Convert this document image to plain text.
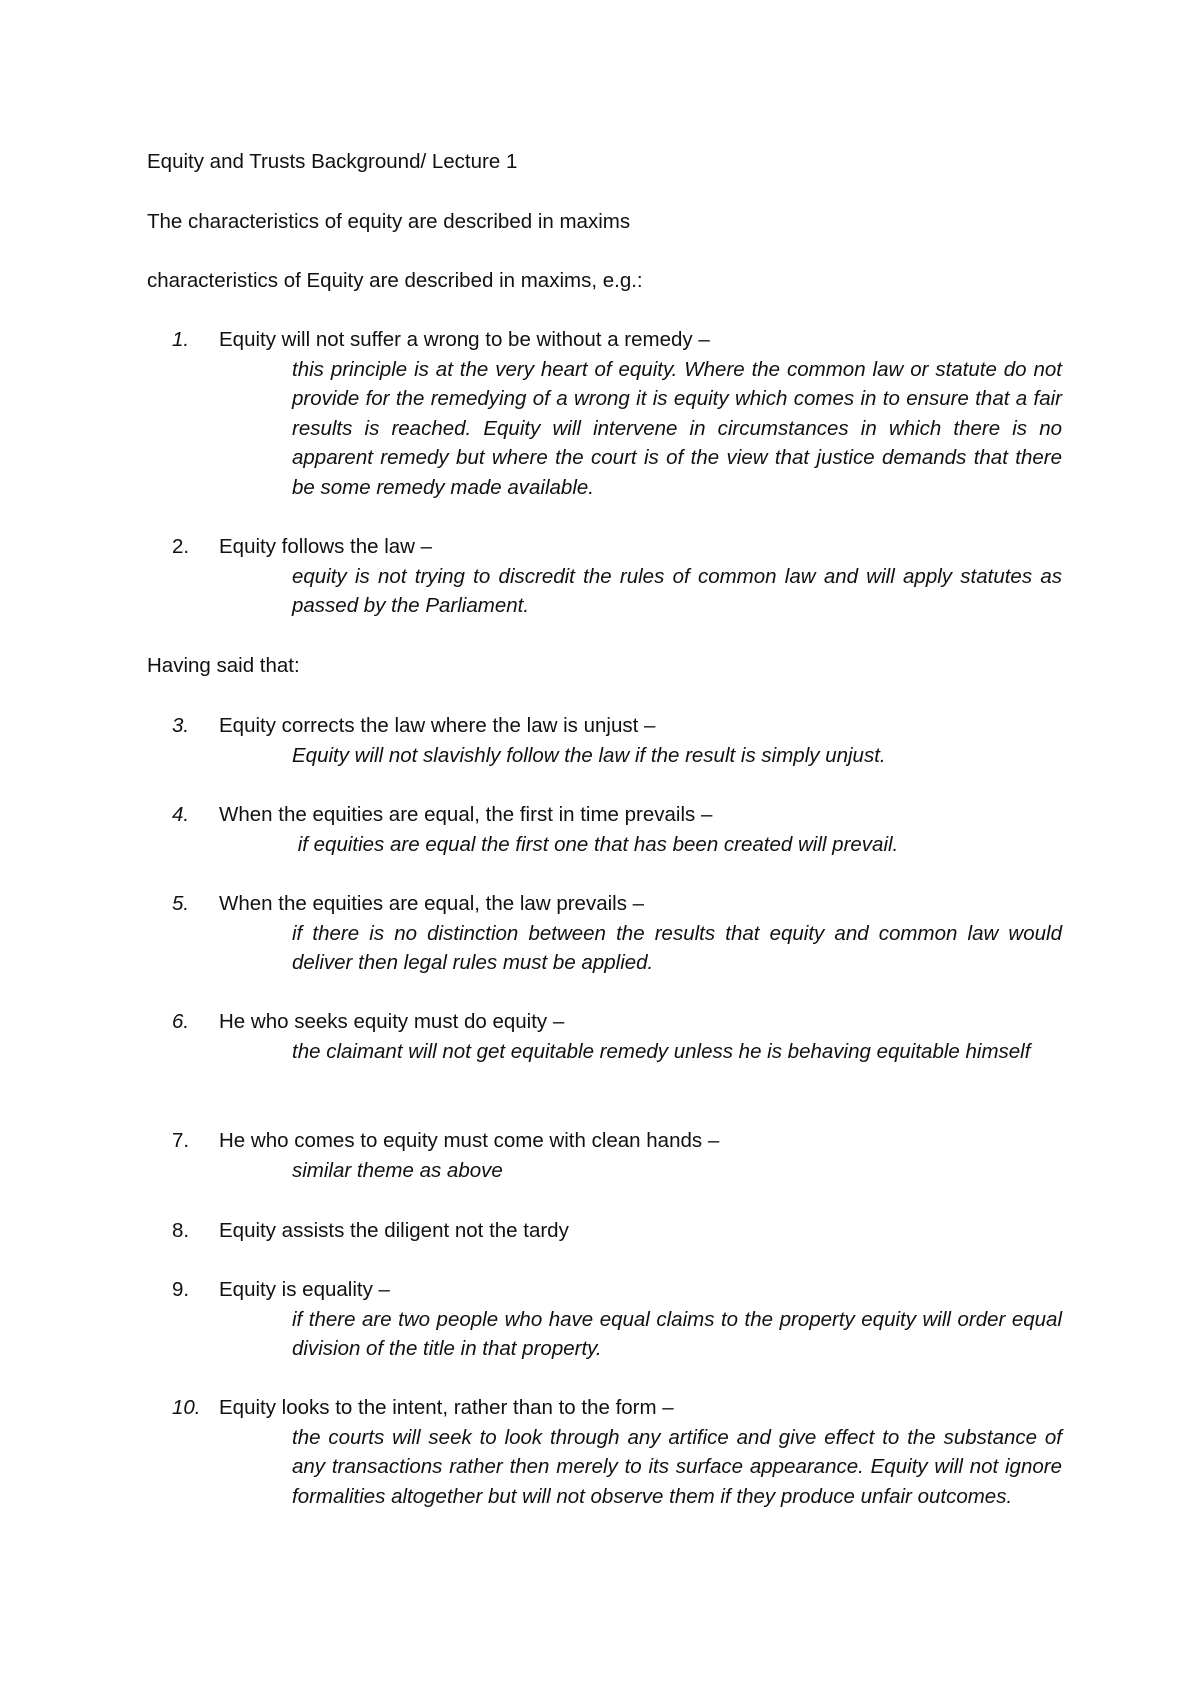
Equity and Trusts Background/ Lecture 1

The characteristics of equity are described in maxims

characteristics of Equity are described in maxims, e.g.:

1.	Equity will not suffer a wrong to be without a remedy –

this principle is at the very heart of equity. Where the common law or statute do not provide for the remedying of a wrong it is equity which comes in to ensure that a fair results is reached. Equity will intervene in circumstances in which there is no apparent remedy but where the court is of the view that justice demands that there be some remedy made available.

2.	Equity follows the law –

equity is not trying to discredit the rules of common law and will apply statutes as passed by the Parliament.

Having said that:

3.	Equity corrects the law where the law is unjust –

Equity will not slavishly follow the law if the result is simply unjust.

4.	When the equities are equal, the first in time prevails –

if equities are equal the first one that has been created will prevail.

5.	When the equities are equal, the law prevails –

if there is no distinction between the results that equity and common law would deliver then legal rules must be applied.

6.	He who seeks equity must do equity –

the claimant will not get equitable remedy unless he is behaving equitable himself

7.	He who comes to equity must come with clean hands –

similar theme as above

8.	Equity assists the diligent not the tardy
9.	Equity is equality –

if there are two people who have equal claims to the property equity will order equal division of the title in that property.

10. Equity looks to the intent, rather than to the form –

the courts will seek to look through any artifice and give effect to the substance of any transactions rather then merely to its surface appearance. Equity will not ignore formalities altogether but will not observe them if they produce unfair outcomes.
